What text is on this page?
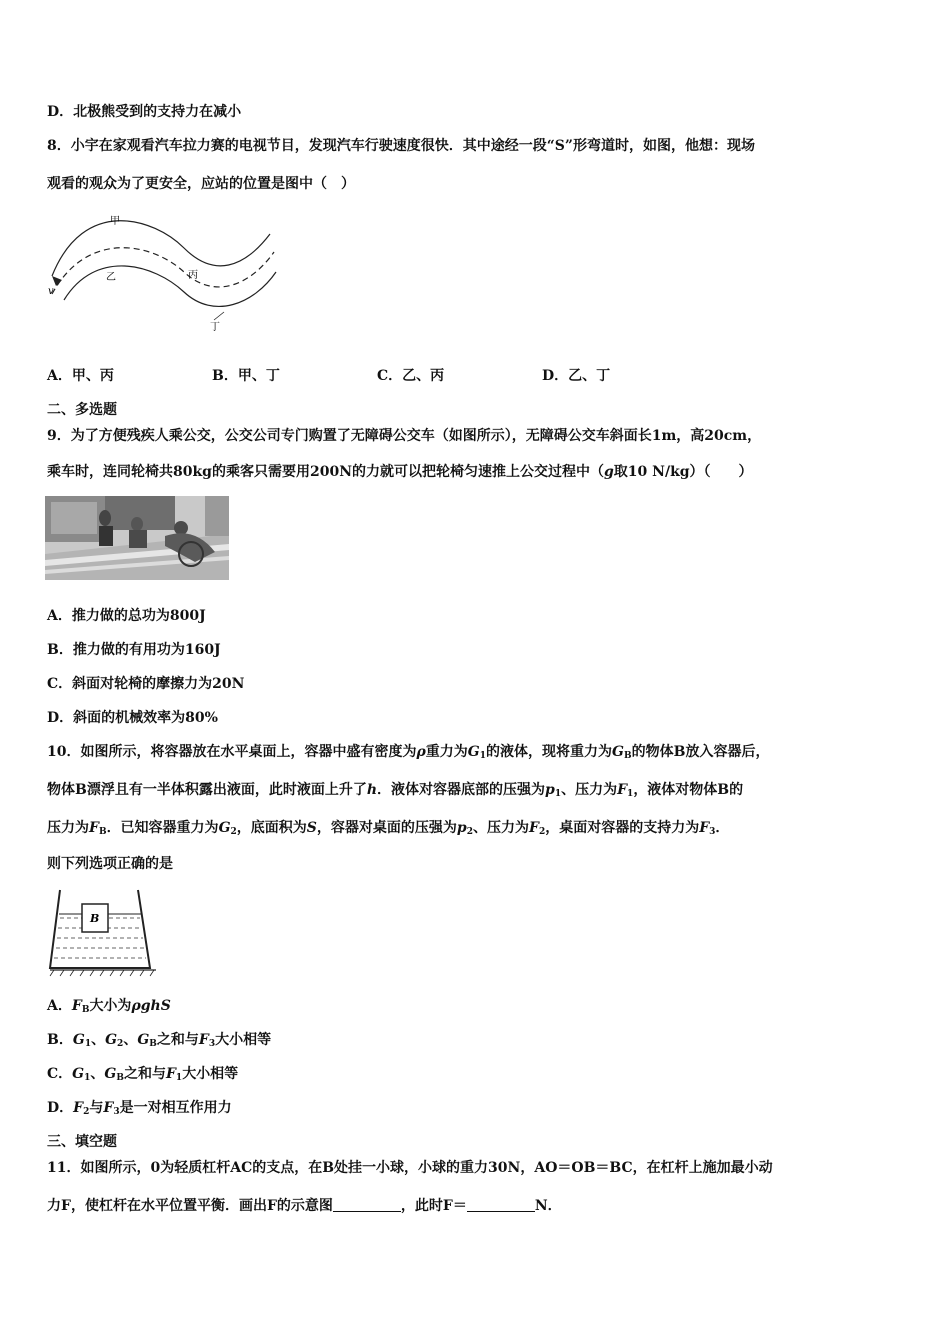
D．北极熊受到的支持力在减小
8．小宇在家观看汽车拉力赛的电视节目，发现汽车行驶速度很快．其中途经一段“S”形弯道时，如图，他想：现场
观看的观众为了更安全，应站的位置是图中（　）
甲
乙	丙
丁
v
A．甲、丙	B．甲、丁	C．乙、丙	D．乙、丁
二、多选题
9．为了方便残疾人乘公交，公交公司专门购置了无障碍公交车（如图所示），无障碍公交车斜面长1m，高20cm，
乘车时，连同轮椅共80kg的乘客只需要用200N的力就可以把轮椅匀速推上公交过程中（g取10 N/kg）（　　）
A．推力做的总功为800J
B．推力做的有用功为160J
C．斜面对轮椅的摩擦力为20N
D．斜面的机械效率为80%
10．如图所示，将容器放在水平桌面上，容器中盛有密度为ρ重力为$G_1$的液体，现将重力为$G_B$的物体B放入容器后，
物体B漂浮且有一半体积露出液面，此时液面上升了h．液体对容器底部的压强为$p_1$、压力为$F_1$，液体对物体B的
压力为$F_B$．已知容器重力为$G_2$，底面积为S，容器对桌面的压强为$p_2$、压力为$F_2$，桌面对容器的支持力为$F_3$．
则下列选项正确的是
B
A．$F_B$大小为ρghS
B．$G_1$、$G_2$、$G_B$之和与$F_3$大小相等
C．$G_1$、$G_B$之和与$F_1$大小相等
D．$F_2$与$F_3$是一对相互作用力
三、填空题
11．如图所示，0为轻质杠杆AC的支点，在B处挂一小球，小球的重力30N，AO＝OB＝BC，在杠杆上施加最小动
力F，使杠杆在水平位置平衡．画出F的示意图	，此时F＝	N．
